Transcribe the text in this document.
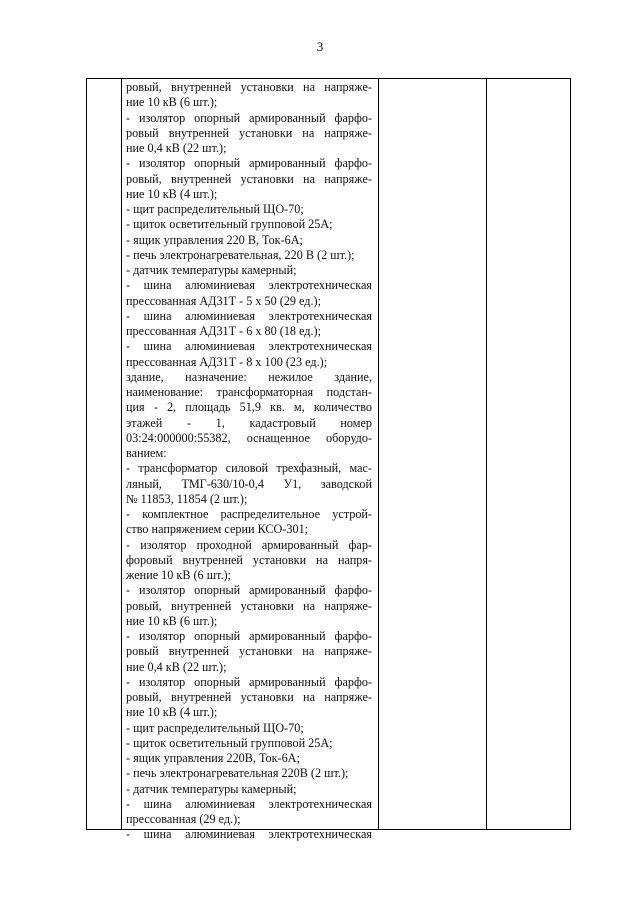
3
ровый, внутренней установки на напряже-
ние 10 кВ (6 шт.);
- изолятор опорный армированный фарфо-
ровый внутренней установки на напряже-
ние 0,4 кВ (22 шт.);
- изолятор опорный армированный фарфо-
ровый, внутренней установки на напряже-
ние 10 кВ (4 шт.);
- щит распределительный ЩО-70;
- щиток осветительный групповой 25А;
- ящик управления 220 В, Ток-6А;
- печь электронагревательная, 220 В (2 шт.);
- датчик температуры камерный;
- шина алюминиевая электротехническая
прессованная АД31Т - 5 х 50 (29 ед.);
- шина алюминиевая электротехническая
прессованная АД31Т - 6 х 80 (18 ед.);
- шина алюминиевая электротехническая
прессованная АД31Т - 8 х 100 (23 ед.);
здание, назначение: нежилое здание,
наименование: трансформаторная подстан-
ция - 2, площадь 51,9 кв. м, количество
этажей - 1, кадастровый номер
03:24:000000:55382, оснащенное оборудо-
ванием:
- трансформатор силовой трехфазный, мас-
ляный, ТМГ-630/10-0,4 У1, заводской
№ 11853, 11854 (2 шт.);
- комплектное распределительное устрой-
ство напряжением серии КСО-301;
- изолятор проходной армированный фар-
форовый внутренней установки на напря-
жение 10 кВ (6 шт.);
- изолятор опорный армированный фарфо-
ровый, внутренней установки на напряже-
ние 10 кВ (6 шт.);
- изолятор опорный армированный фарфо-
ровый внутренней установки на напряже-
ние 0,4 кВ (22 шт.);
- изолятор опорный армированный фарфо-
ровый, внутренней установки на напряже-
ние 10 кВ (4 шт.);
- щит распределительный ЩО-70;
- щиток осветительный групповой 25А;
- ящик управления 220В, Ток-6А;
- печь электронагревательная 220В (2 шт.);
- датчик температуры камерный;
- шина алюминиевая электротехническая
прессованная (29 ед.);
- шина алюминиевая электротехническая
